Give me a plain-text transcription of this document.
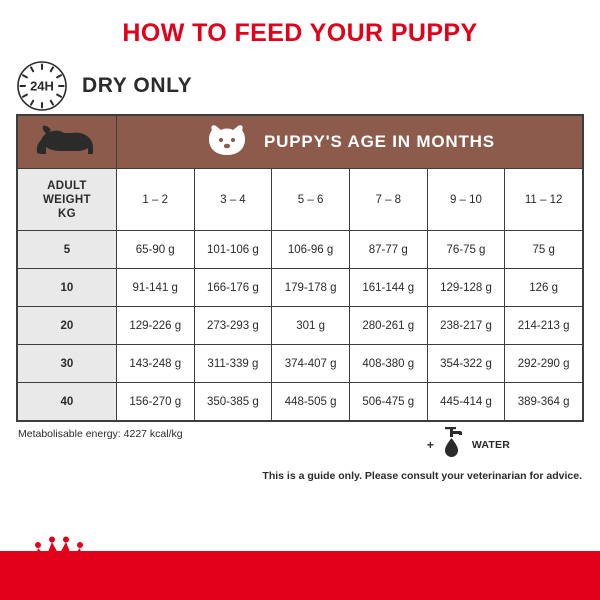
HOW TO FEED YOUR PUPPY
24H DRY ONLY

PUPPY'S AGE IN MONTHS					

ADULT
WEIGHT
KG	1 – 2	3 – 4	5 – 6	7 – 8	9 – 10	11 – 12
5	65-90 g	101-106 g	106-96 g	87-77 g	76-75 g	75 g
10	91-141 g	166-176 g	179-178 g	161-144 g	129-128 g	126 g
20	129-226 g	273-293 g	301 g	280-261 g	238-217 g	214-213 g
30	143-248 g	311-339 g	374-407 g	408-380 g	354-322 g	292-290 g
40	156-270 g	350-385 g	448-505 g	506-475 g	445-414 g	389-364 g
Metabolisable energy: 4227 kcal/kg
+	WATER
This is a guide only. Please consult your veterinarian for advice.
